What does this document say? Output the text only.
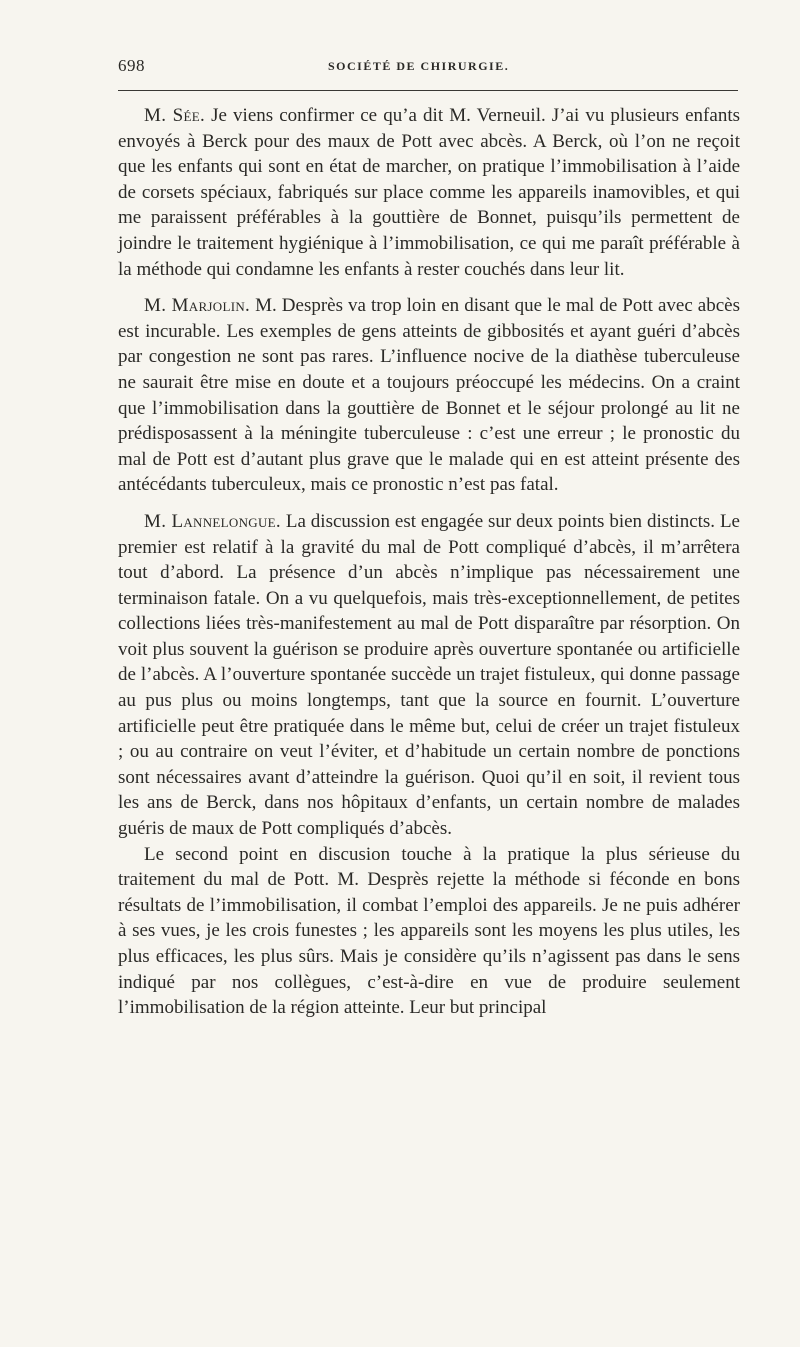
698	SOCIÉTÉ DE CHIRURGIE.

M. Sée. Je viens confirmer ce qu’a dit M. Verneuil. J’ai vu plusieurs enfants envoyés à Berck pour des maux de Pott avec abcès. A Berck, où l’on ne reçoit que les enfants qui sont en état de marcher, on pratique l’immobilisation à l’aide de corsets spéciaux, fabriqués sur place comme les appareils inamovibles, et qui me paraissent préférables à la gouttière de Bonnet, puisqu’ils permettent de joindre le traitement hygiénique à l’immobilisation, ce qui me paraît préférable à la méthode qui condamne les enfants à rester couchés dans leur lit.

M. Marjolin. M. Desprès va trop loin en disant que le mal de Pott avec abcès est incurable. Les exemples de gens atteints de gibbosités et ayant guéri d’abcès par congestion ne sont pas rares. L’influence nocive de la diathèse tuberculeuse ne saurait être mise en doute et a toujours préoccupé les médecins. On a craint que l’immobilisation dans la gouttière de Bonnet et le séjour prolongé au lit ne prédisposassent à la méningite tuberculeuse : c’est une erreur ; le pronostic du mal de Pott est d’autant plus grave que le malade qui en est atteint présente des antécédants tuberculeux, mais ce pronostic n’est pas fatal.

M. Lannelongue. La discussion est engagée sur deux points bien distincts. Le premier est relatif à la gravité du mal de Pott compliqué d’abcès, il m’arrêtera tout d’abord. La présence d’un abcès n’implique pas nécessairement une terminaison fatale. On a vu quelquefois, mais très-exceptionnellement, de petites collections liées très-manifestement au mal de Pott disparaître par résorption. On voit plus souvent la guérison se produire après ouverture spontanée ou artificielle de l’abcès. A l’ouverture spontanée succède un trajet fistuleux, qui donne passage au pus plus ou moins longtemps, tant que la source en fournit. L’ouverture artificielle peut être pratiquée dans le même but, celui de créer un trajet fistuleux ; ou au contraire on veut l’éviter, et d’habitude un certain nombre de ponctions sont nécessaires avant d’atteindre la guérison. Quoi qu’il en soit, il revient tous les ans de Berck, dans nos hôpitaux d’enfants, un certain nombre de malades guéris de maux de Pott compliqués d’abcès.

Le second point en discusion touche à la pratique la plus sérieuse du traitement du mal de Pott. M. Desprès rejette la méthode si féconde en bons résultats de l’immobilisation, il combat l’emploi des appareils. Je ne puis adhérer à ses vues, je les crois funestes ; les appareils sont les moyens les plus utiles, les plus efficaces, les plus sûrs. Mais je considère qu’ils n’agissent pas dans le sens indiqué par nos collègues, c’est-à-dire en vue de produire seulement l’immobilisation de la région atteinte. Leur but principal
